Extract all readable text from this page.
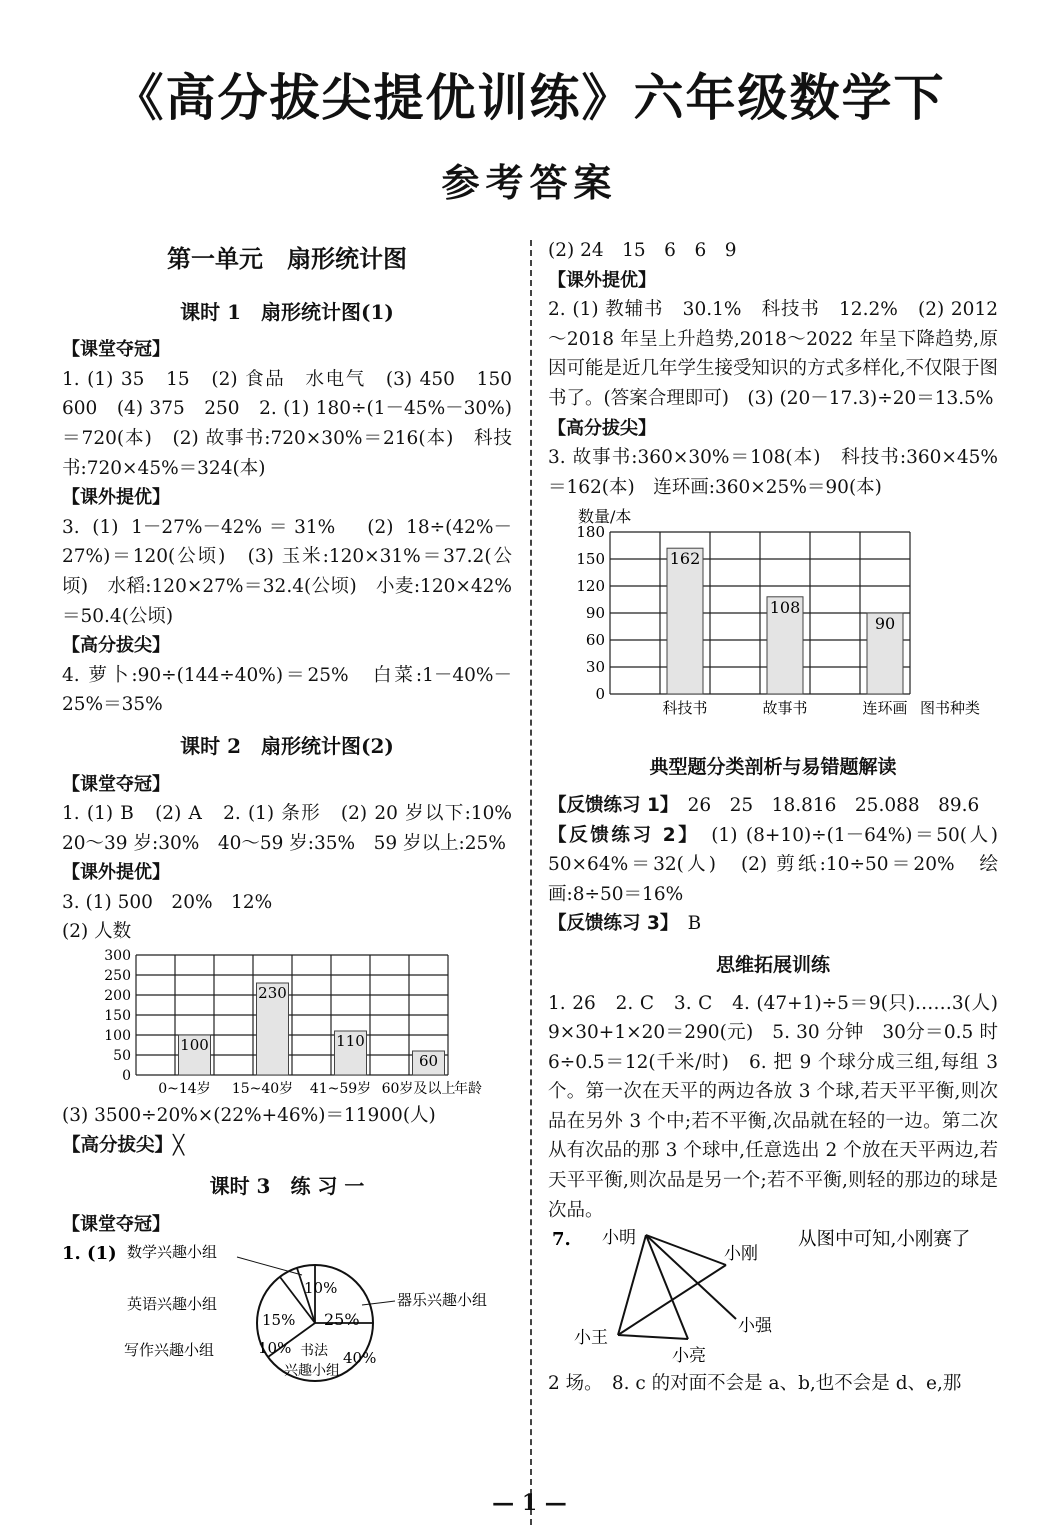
《高分拔尖提优训练》六年级数学下
参考答案
第一单元　扇形统计图
课时 1　扇形统计图(1)
【课堂夺冠】

1. (1) 35　15　(2) 食品　水电气　(3) 450　150　600　(4) 375　250　2. (1) 180÷(1－45%－30%)＝720(本)　(2) 故事书:720×30%＝216(本)　科技书:720×45%＝324(本)

【课外提优】

3. (1) 1－27%－42%＝31%　(2) 18÷(42%－27%)＝120(公顷)　(3) 玉米:120×31%＝37.2(公顷)　水稻:120×27%＝32.4(公顷)　小麦:120×42%＝50.4(公顷)

【高分拔尖】

4. 萝卜:90÷(144÷40%)＝25%　白菜:1－40%－25%＝35%

课时 2　扇形统计图(2)
【课堂夺冠】

1. (1) B　(2) A　2. (1) 条形　(2) 20 岁以下:10%　20～39 岁:30%　40～59 岁:35%　59 岁以上:25%

【课外提优】

3. (1) 500　20%　12%

(2) 人数

0
50
100
150
200
250
300
100
0~14岁
230
15~40岁
110
41~59岁
60
60岁及以上
年龄

(3) 3500÷20%×(22%+46%)＝11900(人)

【高分拔尖】╳
课时 3　练 习 一
【课堂夺冠】
1. (1)
10%
15%
10%
25%
40%
书法
兴趣小组
数学兴趣小组
英语兴趣小组
写作兴趣小组
器乐兴趣小组

(2) 24　15　6　6　9

【课外提优】

2. (1) 教辅书　30.1%　科技书　12.2%　(2) 2012～2018 年呈上升趋势,2018～2022 年呈下降趋势,原因可能是近几年学生接受知识的方式多样化,不仅限于图书了。(答案合理即可)　(3) (20－17.3)÷20＝13.5%

【高分拔尖】

3. 故事书:360×30%＝108(本)　科技书:360×45%＝162(本)　连环画:360×25%＝90(本)

0
30
60
90
120
150
180
162
科技书
108
故事书
90
连环画
数量/本
图书种类
典型题分类剖析与易错题解读

【反馈练习 1】　 26　25　18.816　25.088　89.6

【反馈练习 2】　 (1) (8+10)÷(1－64%)＝50(人)　50×64%＝32(人)　(2) 剪纸:10÷50＝20%　绘画:8÷50＝16%

【反馈练习 3】　 B

思维拓展训练

1. 26　2. C　3. C　4. (47+1)÷5＝9(只)……3(人)　9×30+1×20＝290(元)　5. 30 分钟　30分＝0.5 时　6÷0.5＝12(千米/时)　6. 把 9 个球分成三组,每组 3 个。第一次在天平的两边各放 3 个球,若天平平衡,则次品在另外 3 个中;若不平衡,次品就在轻的一边。第二次从有次品的那 3 个球中,任意选出 2 个放在天平两边,若天平平衡,则次品是另一个;若不平衡,则轻的那边的球是次品。

7. 小明
小刚
小王
小亮
小强
从图中可知,小刚赛了

2 场。　8. c 的对面不会是 a、b,也不会是 d、e,那

— 1 —
